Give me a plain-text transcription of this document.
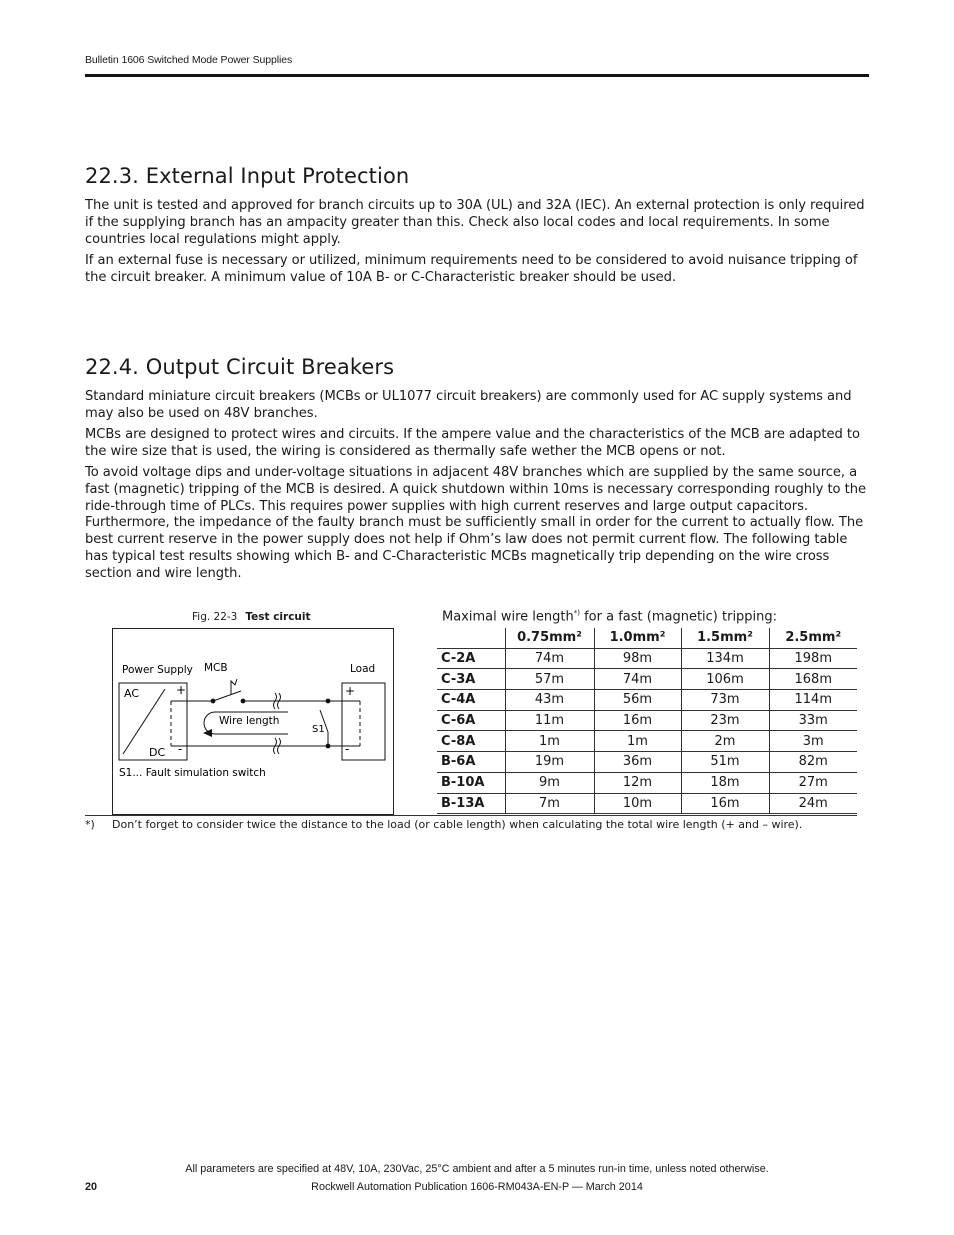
Bulletin 1606 Switched Mode Power Supplies
22.3. External Input Protection

The unit is tested and approved for branch circuits up to 30A (UL) and 32A (IEC). An external protection is only required if the supplying branch has an ampacity greater than this. Check also local codes and local requirements. In some countries local regulations might apply.

If an external fuse is necessary or utilized, minimum requirements need to be considered to avoid nuisance tripping of the circuit breaker. A minimum value of 10A B- or C-Characteristic breaker should be used.

22.4. Output Circuit Breakers

Standard miniature circuit breakers (MCBs or UL1077 circuit breakers) are commonly used for AC supply systems and may also be used on 48V branches.

MCBs are designed to protect wires and circuits. If the ampere value and the characteristics of the MCB are adapted to the wire size that is used, the wiring is considered as thermally safe wether the MCB opens or not.

To avoid voltage dips and under-voltage situations in adjacent 48V branches which are supplied by the same source, a fast (magnetic) tripping of the MCB is desired. A quick shutdown within 10ms is necessary corresponding roughly to the ride-through time of PLCs. This requires power supplies with high current reserves and large output capacitors. Furthermore, the impedance of the faulty branch must be sufficiently small in order for the current to actually flow. The best current reserve in the power supply does not help if Ohm’s law does not permit current flow. The following table has typical test results showing which B- and C-Characteristic MCBs magnetically trip depending on the wire cross section and wire length.

Fig. 22-3 Test circuit
Power Supply MCB	Load
AC
DC
+
-
+
-
S1
Wire length
S1... Fault simulation switch
Maximal wire length*) for a fast (magnetic) tripping:
	0.75mm²	1.0mm²	1.5mm²	2.5mm²
C-2A	74m	98m	134m	198m
C-3A	57m	74m	106m	168m
C-4A	43m	56m	73m	114m
C-6A	11m	16m	23m	33m
C-8A	1m	1m	2m	3m
B-6A	19m	36m	51m	82m
B-10A	9m	12m	18m	27m
B-13A	7m	10m	16m	24m
*) Don’t forget to consider twice the distance to the load (or cable length) when calculating the total wire length (+ and – wire).
All parameters are specified at 48V, 10A, 230Vac, 25°C ambient and after a 5 minutes run-in time, unless noted otherwise.
Rockwell Automation Publication 1606-RM043A-EN-P — March 2014
20
